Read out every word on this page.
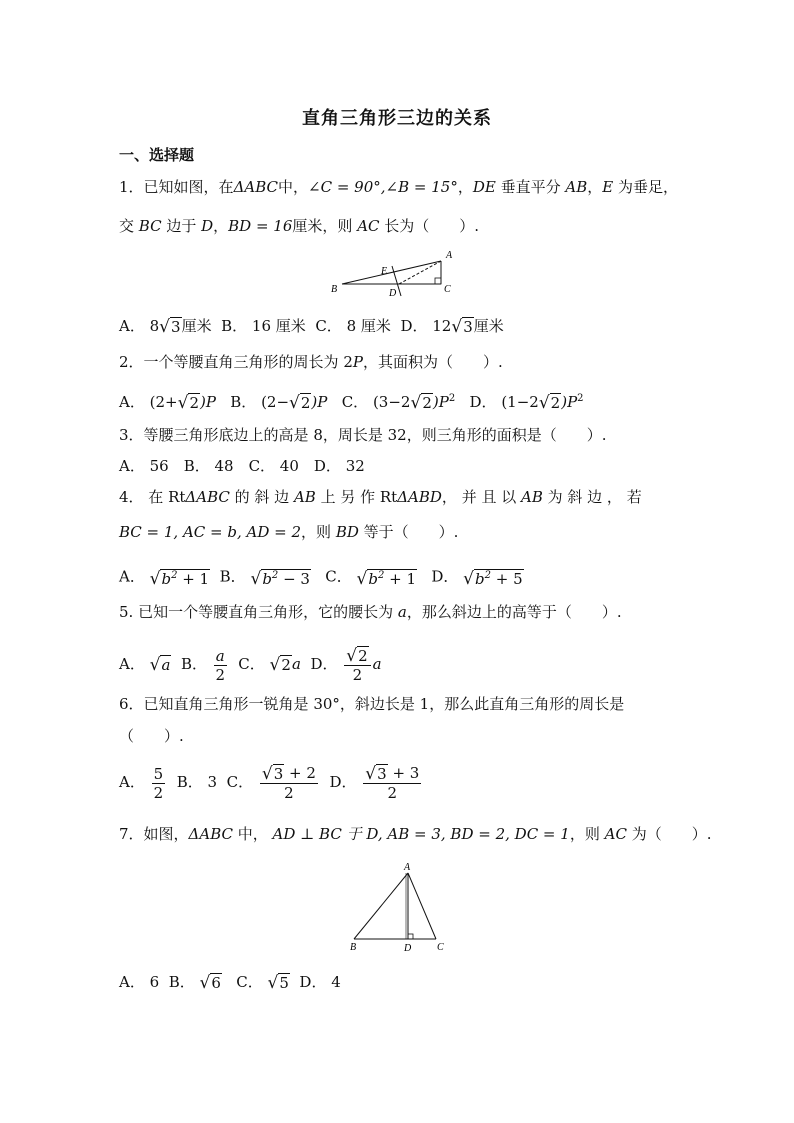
直角三角形三边的关系
一、选择题
1．已知如图，在ΔABC中，∠C = 90°,∠B = 15°，DE 垂直平分 AB，E 为垂足，
交 BC 边于 D，BD = 16厘米，则 AC 长为（　　）.
A
B	C
D
E
A． 8√3厘米 B． 16 厘米 C． 8 厘米 D． 12√3厘米
2．一个等腰直角三角形的周长为 2P，其面积为（　　）.
A． (2+√2)P B． (2−√2)P C． $(3-2√2)P^2$ D． $(1-2√2)P^2$
3．等腰三角形底边上的高是 8，周长是 32，则三角形的面积是（　　）.
A． 56　B． 48　C． 40　D． 32
4． 在 RtΔABC 的 斜 边 AB 上 另 作 RtΔABD， 并 且 以 AB 为 斜 边 ， 若
BC = 1, AC = b, AD = 2，则 BD 等于（　　）.
A． $√b^2 + 1$ B． $√b^2 - 3$ C． $√b^2 + 1$ D． $√b^2 + 5$
5. 已知一个等腰直角三角形，它的腰长为 a，那么斜边上的高等于（　　）.
A． √a B． $\frac{a}{2}$ C． √2a D． $\frac{√2}{2}$ a
6．已知直角三角形一锐角是 30°，斜边长是 1，那么此直角三角形的周长是
（　　）.
A． $\frac{5}{2}$ B． 3 C． $\frac{√3 + 2}{2}$ D． $\frac{√3 + 3}{2}$
7．如图，ΔABC 中， AD ⊥ BC 于 D, AB = 3, BD = 2, DC = 1，则 AC 为（　　）.
A
B	D	C
A． 6 B． √6 C． √5 D． 4
